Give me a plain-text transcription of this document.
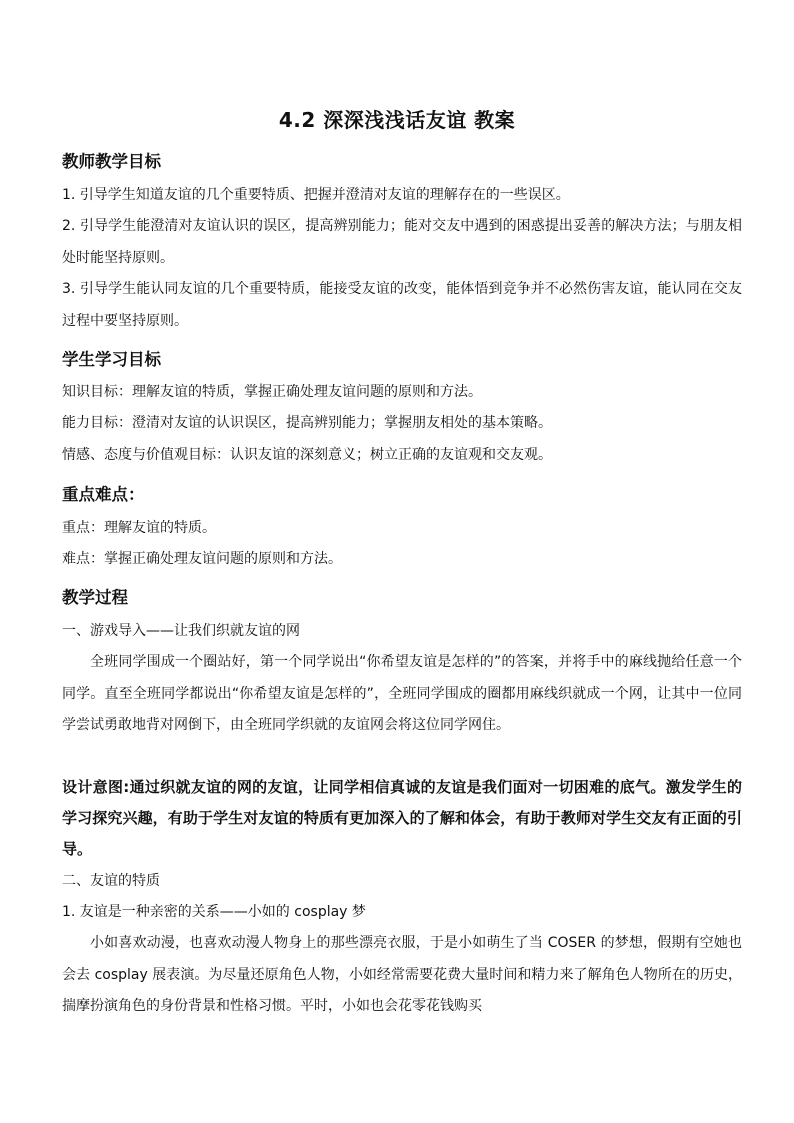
4.2 深深浅浅话友谊 教案
教师教学目标
1. 引导学生知道友谊的几个重要特质、把握并澄清对友谊的理解存在的一些误区。
2. 引导学生能澄清对友谊认识的误区，提高辨别能力；能对交友中遇到的困惑提出妥善的解决方法；与朋友相处时能坚持原则。
3. 引导学生能认同友谊的几个重要特质，能接受友谊的改变，能体悟到竞争并不必然伤害友谊，能认同在交友过程中要坚持原则。
学生学习目标
知识目标：理解友谊的特质，掌握正确处理友谊问题的原则和方法。
能力目标：澄清对友谊的认识误区，提高辨别能力；掌握朋友相处的基本策略。
情感、态度与价值观目标：认识友谊的深刻意义；树立正确的友谊观和交友观。
重点难点：
重点：理解友谊的特质。
难点：掌握正确处理友谊问题的原则和方法。
教学过程
一、游戏导入——让我们织就友谊的网
全班同学围成一个圈站好，第一个同学说出“你希望友谊是怎样的”的答案，并将手中的麻线抛给任意一个同学。直至全班同学都说出“你希望友谊是怎样的”，全班同学围成的圈都用麻线织就成一个网，让其中一位同学尝试勇敢地背对网倒下，由全班同学织就的友谊网会将这位同学网住。
设计意图:通过织就友谊的网的友谊，让同学相信真诚的友谊是我们面对一切困难的底气。激发学生的学习探究兴趣，有助于学生对友谊的特质有更加深入的了解和体会，有助于教师对学生交友有正面的引导。
二、友谊的特质
1. 友谊是一种亲密的关系——小如的 cosplay 梦
小如喜欢动漫，也喜欢动漫人物身上的那些漂亮衣服，于是小如萌生了当 COSER 的梦想，假期有空她也会去 cosplay 展表演。为尽量还原角色人物，小如经常需要花费大量时间和精力来了解角色人物所在的历史，揣摩扮演角色的身份背景和性格习惯。平时，小如也会花零花钱购买
